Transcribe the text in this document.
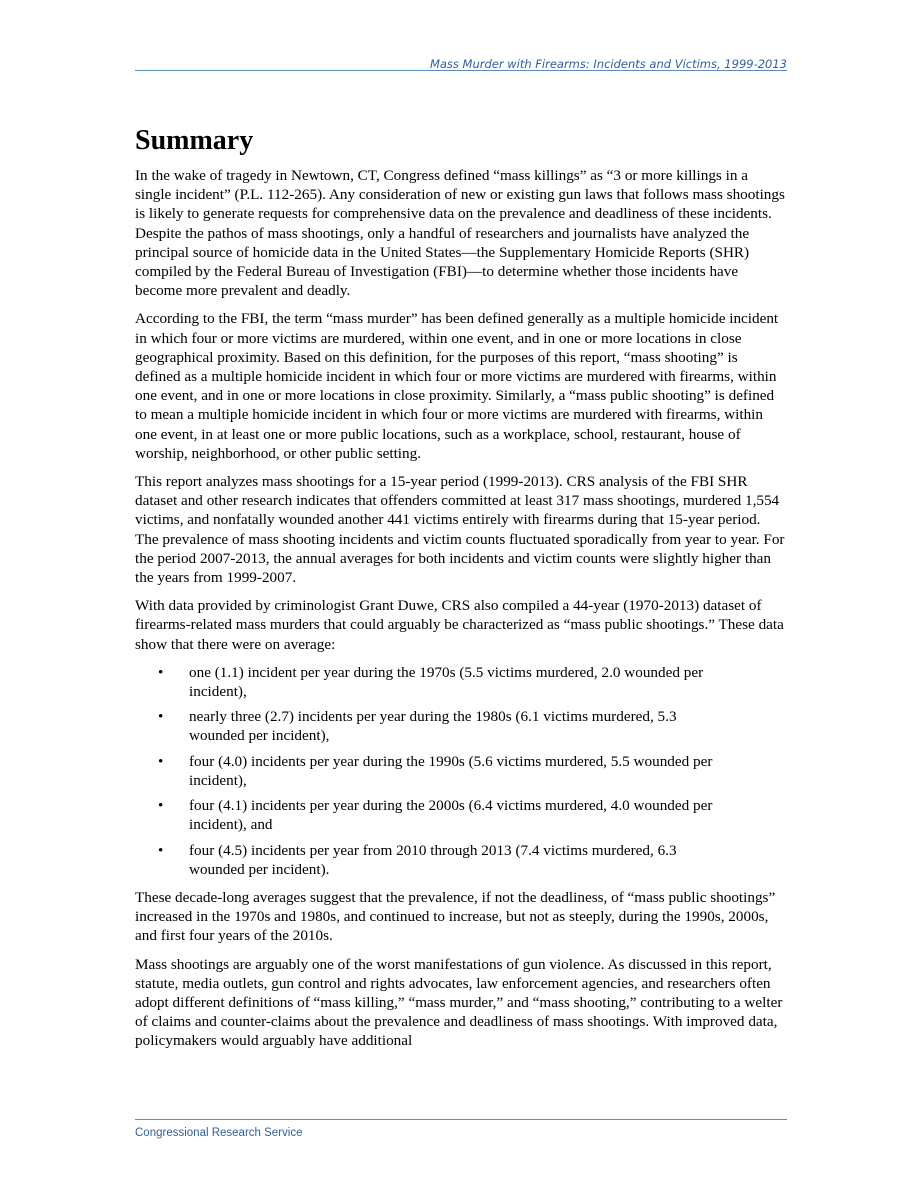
Mass Murder with Firearms: Incidents and Victims, 1999-2013
Summary

In the wake of tragedy in Newtown, CT, Congress defined “mass killings” as “3 or more killings in a single incident” (P.L. 112-265). Any consideration of new or existing gun laws that follows mass shootings is likely to generate requests for comprehensive data on the prevalence and deadliness of these incidents. Despite the pathos of mass shootings, only a handful of researchers and journalists have analyzed the principal source of homicide data in the United States—the Supplementary Homicide Reports (SHR) compiled by the Federal Bureau of Investigation (FBI)—to determine whether those incidents have become more prevalent and deadly.

According to the FBI, the term “mass murder” has been defined generally as a multiple homicide incident in which four or more victims are murdered, within one event, and in one or more locations in close geographical proximity. Based on this definition, for the purposes of this report, “mass shooting” is defined as a multiple homicide incident in which four or more victims are murdered with firearms, within one event, and in one or more locations in close proximity. Similarly, a “mass public shooting” is defined to mean a multiple homicide incident in which four or more victims are murdered with firearms, within one event, in at least one or more public locations, such as a workplace, school, restaurant, house of worship, neighborhood, or other public setting.

This report analyzes mass shootings for a 15-year period (1999-2013). CRS analysis of the FBI SHR dataset and other research indicates that offenders committed at least 317 mass shootings, murdered 1,554 victims, and nonfatally wounded another 441 victims entirely with firearms during that 15-year period. The prevalence of mass shooting incidents and victim counts fluctuated sporadically from year to year. For the period 2007-2013, the annual averages for both incidents and victim counts were slightly higher than the years from 1999-2007.

With data provided by criminologist Grant Duwe, CRS also compiled a 44-year (1970-2013) dataset of firearms-related mass murders that could arguably be characterized as “mass public shootings.” These data show that there were on average:

• one (1.1) incident per year during the 1970s (5.5 victims murdered, 2.0 wounded per incident),
• nearly three (2.7) incidents per year during the 1980s (6.1 victims murdered, 5.3 wounded per incident),
• four (4.0) incidents per year during the 1990s (5.6 victims murdered, 5.5 wounded per incident),
• four (4.1) incidents per year during the 2000s (6.4 victims murdered, 4.0 wounded per incident), and
• four (4.5) incidents per year from 2010 through 2013 (7.4 victims murdered, 6.3 wounded per incident).

These decade-long averages suggest that the prevalence, if not the deadliness, of “mass public shootings” increased in the 1970s and 1980s, and continued to increase, but not as steeply, during the 1990s, 2000s, and first four years of the 2010s.

Mass shootings are arguably one of the worst manifestations of gun violence. As discussed in this report, statute, media outlets, gun control and rights advocates, law enforcement agencies, and researchers often adopt different definitions of “mass killing,” “mass murder,” and “mass shooting,” contributing to a welter of claims and counter-claims about the prevalence and deadliness of mass shootings. With improved data, policymakers would arguably have additional

Congressional Research Service
